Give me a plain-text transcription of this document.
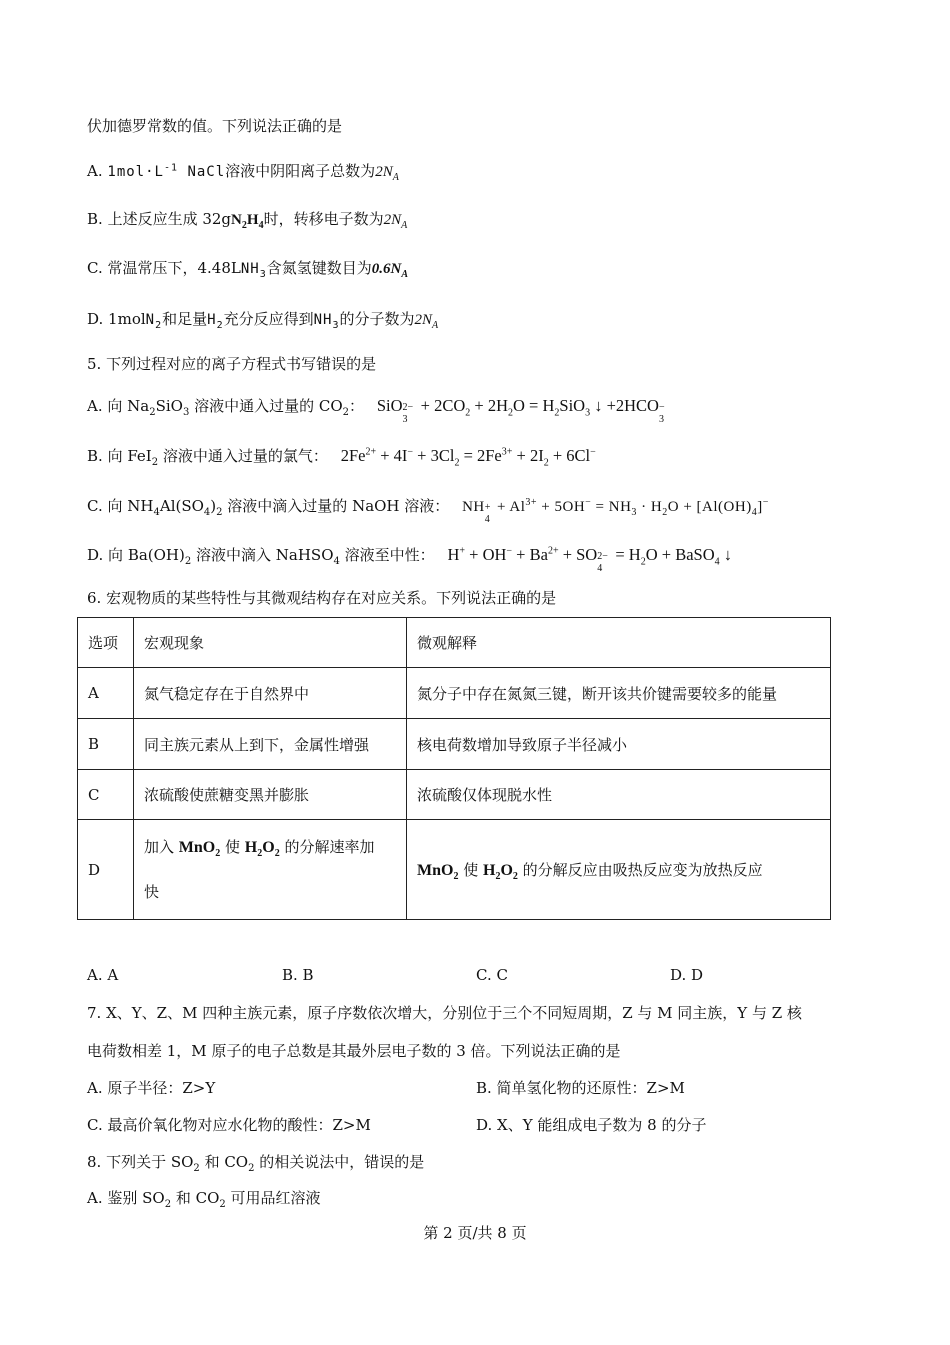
伏加德罗常数的值。下列说法正确的是
A. $1mol\cdot L^{-1}$ NaCl溶液中阴阳离子总数为$2N_A$
B. 上述反应生成 $32gN_2H_4$时，转移电子数为$2N_A$
C. 常温常压下，$4.48LNH_3$含氮氢键数目为$0.6N_A$
D. 1molN$_2$和足量$H_2$充分反应得到$NH_3$的分子数为$2N_A$
5. 下列过程对应的离子方程式书写错误的是
A. 向 $Na_2SiO_3$ 溶液中通入过量的 $CO_2$： SiO 2−
3
+ $2CO_2 + 2H_2O = H_2SiO_3$ ↓ +2HCO −
3
B. 向 FeI$_2$ 溶液中通入过量的氯气： $2Fe^{2+} + 4I^- + 3Cl_2 = 2Fe^{3+} + 2I_2 + 6Cl^-$
C. 向 $NH_4Al(SO_4)_2$ 溶液中滴入过量的 NaOH 溶液： NH +
4
+ $Al^{3+} + 5OH^- = NH_3 \cdot H_2O + [Al(OH)_4]^-$
D. 向 $Ba(OH)_2$ 溶液中滴入 NaHSO$_4$ 溶液至中性： $H^+ + OH^- + Ba^{2+}$ + SO 2−
4
= $H_2O$ + BaSO$_4$ ↓
6. 宏观物质的某些特性与其微观结构存在对应关系。下列说法正确的是
选项	宏观现象	微观解释
A	氮气稳定存在于自然界中	氮分子中存在氮氮三键，断开该共价键需要较多的能量
B	同主族元素从上到下，金属性增强	核电荷数增加导致原子半径减小
C	浓硫酸使蔗糖变黑并膨胀	浓硫酸仅体现脱水性
D	加入 MnO$_2$ 使 $H_2O_2$ 的分解速率加
快	MnO$_2$ 使 $H_2O_2$ 的分解反应由吸热反应变为放热反应
A. A	B. B	C. C	D. D
7. X、Y、Z、M 四种主族元素，原子序数依次增大，分别位于三个不同短周期，Z 与 M 同主族，Y 与 Z 核
电荷数相差 1，M 原子的电子总数是其最外层电子数的 3 倍。下列说法正确的是
A. 原子半径：Z>Y	B. 简单氢化物的还原性：Z>M
C. 最高价氧化物对应水化物的酸性：Z>M	D. X、Y 能组成电子数为 8 的分子
8. 下列关于 $SO_2$ 和 $CO_2$ 的相关说法中，错误的是
A. 鉴别 $SO_2$ 和 $CO_2$ 可用品红溶液
第 2 页/共 8 页
